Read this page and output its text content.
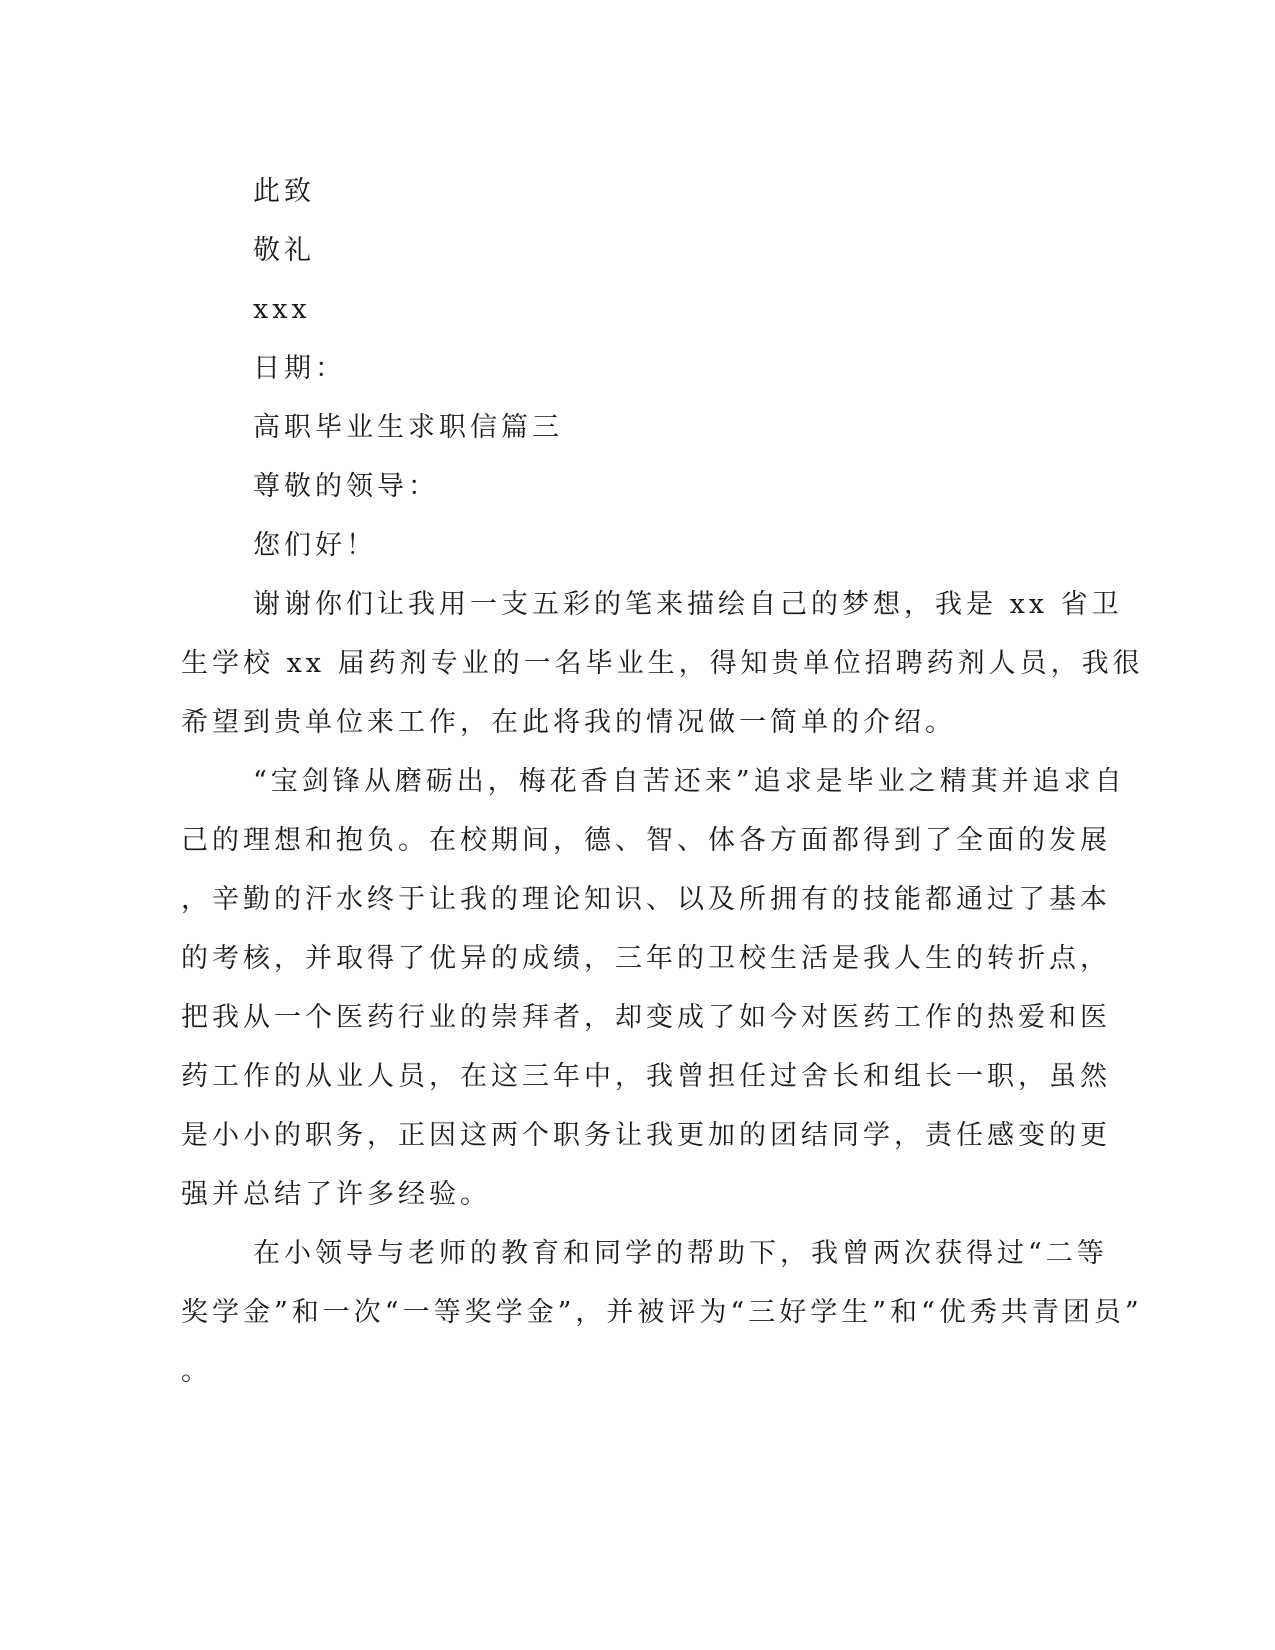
此致
敬礼
xxx
日期：
高职毕业生求职信篇三
尊敬的领导：
您们好！
谢谢你们让我用一支五彩的笔来描绘自己的梦想，我是 xx 省卫
生学校 xx 届药剂专业的一名毕业生，得知贵单位招聘药剂人员，我很
希望到贵单位来工作，在此将我的情况做一简单的介绍。
“宝剑锋从磨砺出，梅花香自苦还来”追求是毕业之精萁并追求自
己的理想和抱负。在校期间，德、智、体各方面都得到了全面的发展
，辛勤的汗水终于让我的理论知识、以及所拥有的技能都通过了基本
的考核，并取得了优异的成绩，三年的卫校生活是我人生的转折点，
把我从一个医药行业的崇拜者，却变成了如今对医药工作的热爱和医
药工作的从业人员，在这三年中，我曾担任过舍长和组长一职，虽然
是小小的职务，正因这两个职务让我更加的团结同学，责任感变的更
强并总结了许多经验。
在小领导与老师的教育和同学的帮助下，我曾两次获得过“二等
奖学金”和一次“一等奖学金”，并被评为“三好学生”和“优秀共青团员”
。
